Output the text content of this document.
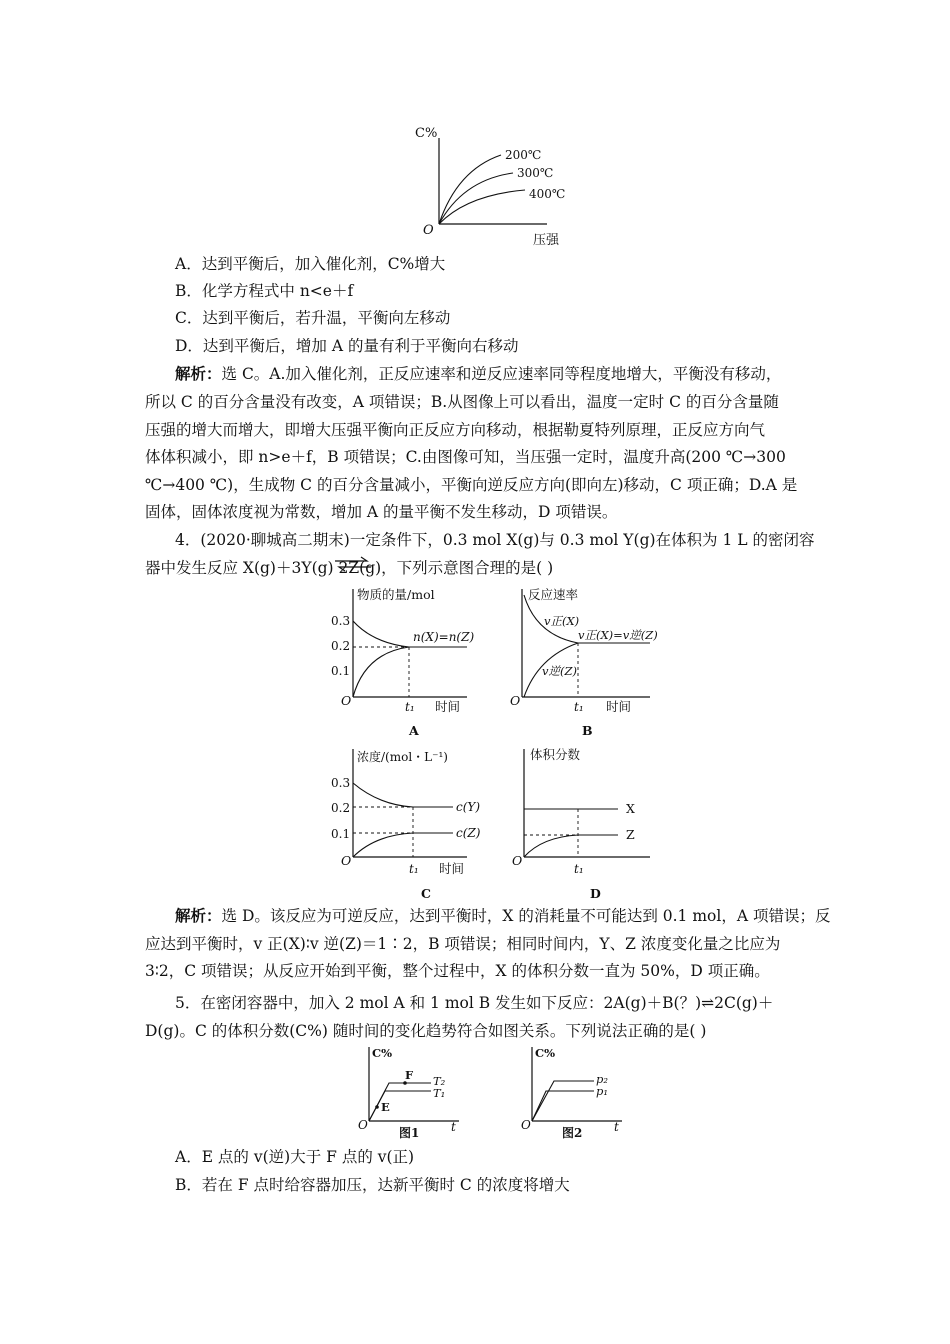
C%
O
压强
200℃
300℃
400℃
A．达到平衡后，加入催化剂，C%增大
B．化学方程式中 n<e＋f
C．达到平衡后，若升温，平衡向左移动
D．达到平衡后，增加 A 的量有利于平衡向右移动
解析：选 C。A.加入催化剂，正反应速率和逆反应速率同等程度地增大，平衡没有移动，
所以 C 的百分含量没有改变，A 项错误；B.从图像上可以看出，温度一定时 C 的百分含量随
压强的增大而增大，即增大压强平衡向正反应方向移动，根据勒夏特列原理，正反应方向气
体体积减小，即 n>e＋f，B 项错误；C.由图像可知，当压强一定时，温度升高(200 ℃→300
℃→400 ℃)，生成物 C 的百分含量减小，平衡向逆反应方向(即向左)移动，C 项正确；D.A 是
固体，固体浓度视为常数，增加 A 的量平衡不发生移动，D 项错误。
4．(2020·聊城高二期末)一定条件下，0.3 mol X(g)与 0.3 mol Y(g)在体积为 1 L 的密闭容
器中发生反应 X(g)＋3Y(g) 2Z(g)，下列示意图合理的是( )
物质的量/mol
0.3
0.2
0.1
O
n(X)=n(Z)
t₁ 时间
A
反应速率
O
v正(X)
v正(X)=v逆(Z)
v逆(Z)
t₁ 时间
B
浓度/(mol・L⁻¹)
0.3
0.2
0.1
O
c(Y)
c(Z)
t₁ 时间
C
体积分数
O
X
Z
t₁
D
解析：选 D。该反应为可逆反应，达到平衡时，X 的消耗量不可能达到 0.1 mol，A 项错误；反
应达到平衡时，v 正(X)∶v 逆(Z)＝1∶2，B 项错误；相同时间内，Y、Z 浓度变化量之比应为
3∶2，C 项错误；从反应开始到平衡，整个过程中，X 的体积分数一直为 50%，D 项正确。
5．在密闭容器中，加入 2 mol A 和 1 mol B 发生如下反应：2A(g)＋B(？)⇌2C(g)＋
D(g)。C 的体积分数(C%) 随时间的变化趋势符合如图关系。下列说法正确的是( )
C%
O	t
F
E
T₂
T₁
图1
C%
O	t
p₂
p₁
图2
A．E 点的 v(逆)大于 F 点的 v(正)
B．若在 F 点时给容器加压，达新平衡时 C 的浓度将增大
